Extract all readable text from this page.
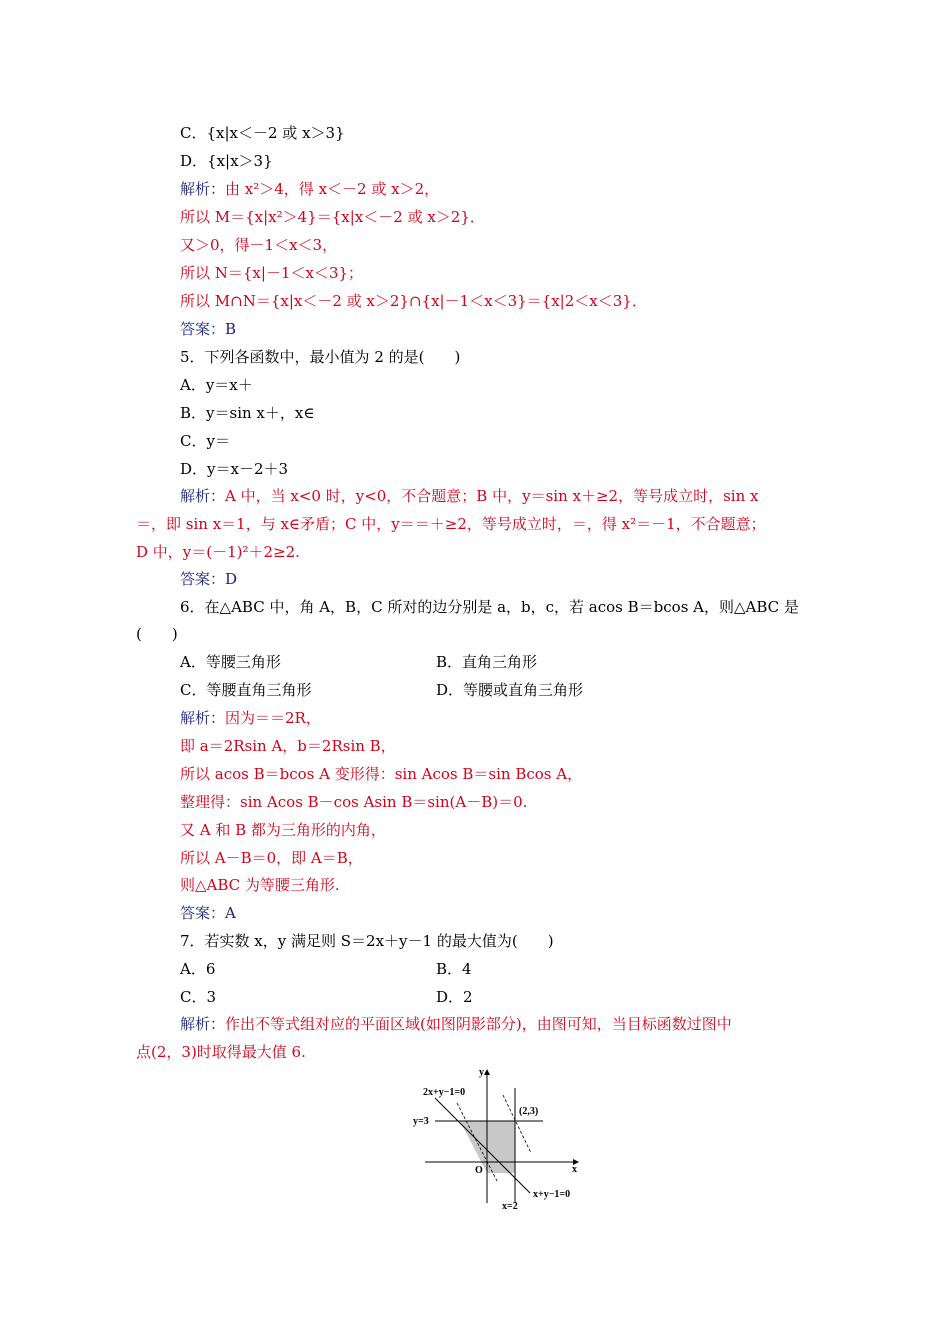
C．{x|x＜－2 或 x＞3}
D．{x|x＞3}
解析：由 x²＞4，得 x＜－2 或 x＞2，
所以 M＝{x|x²＞4}＝{x|x＜－2 或 x＞2}．
又＞0，得－1＜x＜3，
所以 N＝{x|－1＜x＜3}；
所以 M∩N＝{x|x＜－2 或 x＞2}∩{x|－1＜x＜3}＝{x|2＜x＜3}．
答案：B
5．下列各函数中，最小值为 2 的是(　　)
A．y＝x＋
B．y＝sin x＋，x∈
C．y＝
D．y＝x－2＋3
解析：A 中，当 x<0 时，y<0，不合题意；B 中，y＝sin x＋≥2，等号成立时，sin x
＝，即 sin x＝1，与 x∈矛盾；C 中，y＝＝＋≥2，等号成立时，＝，得 x²＝－1，不合题意；
D 中，y＝(－1)²＋2≥2.
答案：D
6．在△ABC 中，角 A，B，C 所对的边分别是 a，b，c，若 acos B＝bcos A，则△ABC 是
(　　)
A．等腰三角形	B．直角三角形
C．等腰直角三角形	D．等腰或直角三角形
解析：因为＝＝2R，
即 a＝2Rsin A，b＝2Rsin B，
所以 acos B＝bcos A 变形得：sin Acos B＝sin Bcos A，
整理得：sin Acos B－cos Asin B＝sin(A－B)＝0.
又 A 和 B 都为三角形的内角，
所以 A－B＝0，即 A＝B，
则△ABC 为等腰三角形.
答案：A
7．若实数 x，y 满足则 S＝2x＋y－1 的最大值为(　　)
A．6	B．4
C．3	D．2
解析：作出不等式组对应的平面区域(如图阴影部分)，由图可知，当目标函数过图中
点(2，3)时取得最大值 6.
2x+y−1=0
y=3
(2,3)
y
x
O
x=2
x+y−1=0
